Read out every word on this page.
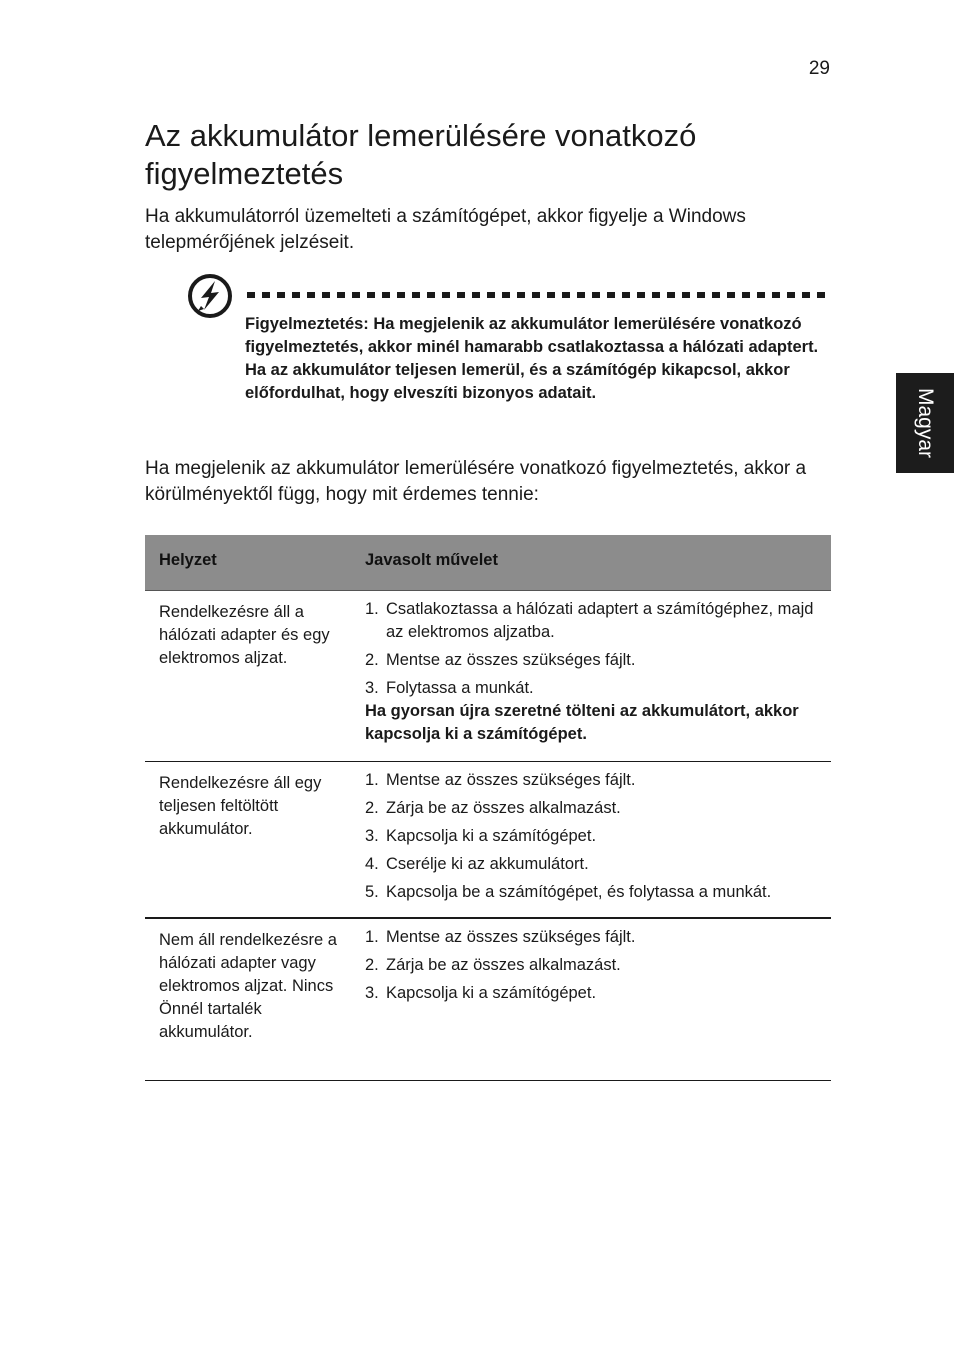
29
Magyar
Az akkumulátor lemerülésére vonatkozó figyelmeztetés

Ha akkumulátorról üzemelteti a számítógépet, akkor figyelje a Windows telepmérőjének jelzéseit.

Figyelmeztetés: Ha megjelenik az akkumulátor lemerülésére vonatkozó figyelmeztetés, akkor minél hamarabb csatlakoztassa a hálózati adaptert. Ha az akkumulátor teljesen lemerül, és a számítógép kikapcsol, akkor előfordulhat, hogy elveszíti bizonyos adatait.

Ha megjelenik az akkumulátor lemerülésére vonatkozó figyelmeztetés, akkor a körülményektől függ, hogy mit érdemes tennie:

Helyzet	Javasolt művelet
Rendelkezésre áll a hálózati adapter és egy elektromos aljzat.
1. Csatlakoztassa a hálózati adaptert a számítógéphez, majd az elektromos aljzatba.
2. Mentse az összes szükséges fájlt.
3. Folytassa a munkát.
Ha gyorsan újra szeretné tölteni az akkumulátort, akkor kapcsolja ki a számítógépet.
Rendelkezésre áll egy teljesen feltöltött akkumulátor.
1. Mentse az összes szükséges fájlt.
2. Zárja be az összes alkalmazást.
3. Kapcsolja ki a számítógépet.
4. Cserélje ki az akkumulátort.
5. Kapcsolja be a számítógépet, és folytassa a munkát.
Nem áll rendelkezésre a hálózati adapter vagy elektromos aljzat. Nincs Önnél tartalék akkumulátor.
1. Mentse az összes szükséges fájlt.
2. Zárja be az összes alkalmazást.
3. Kapcsolja ki a számítógépet.
